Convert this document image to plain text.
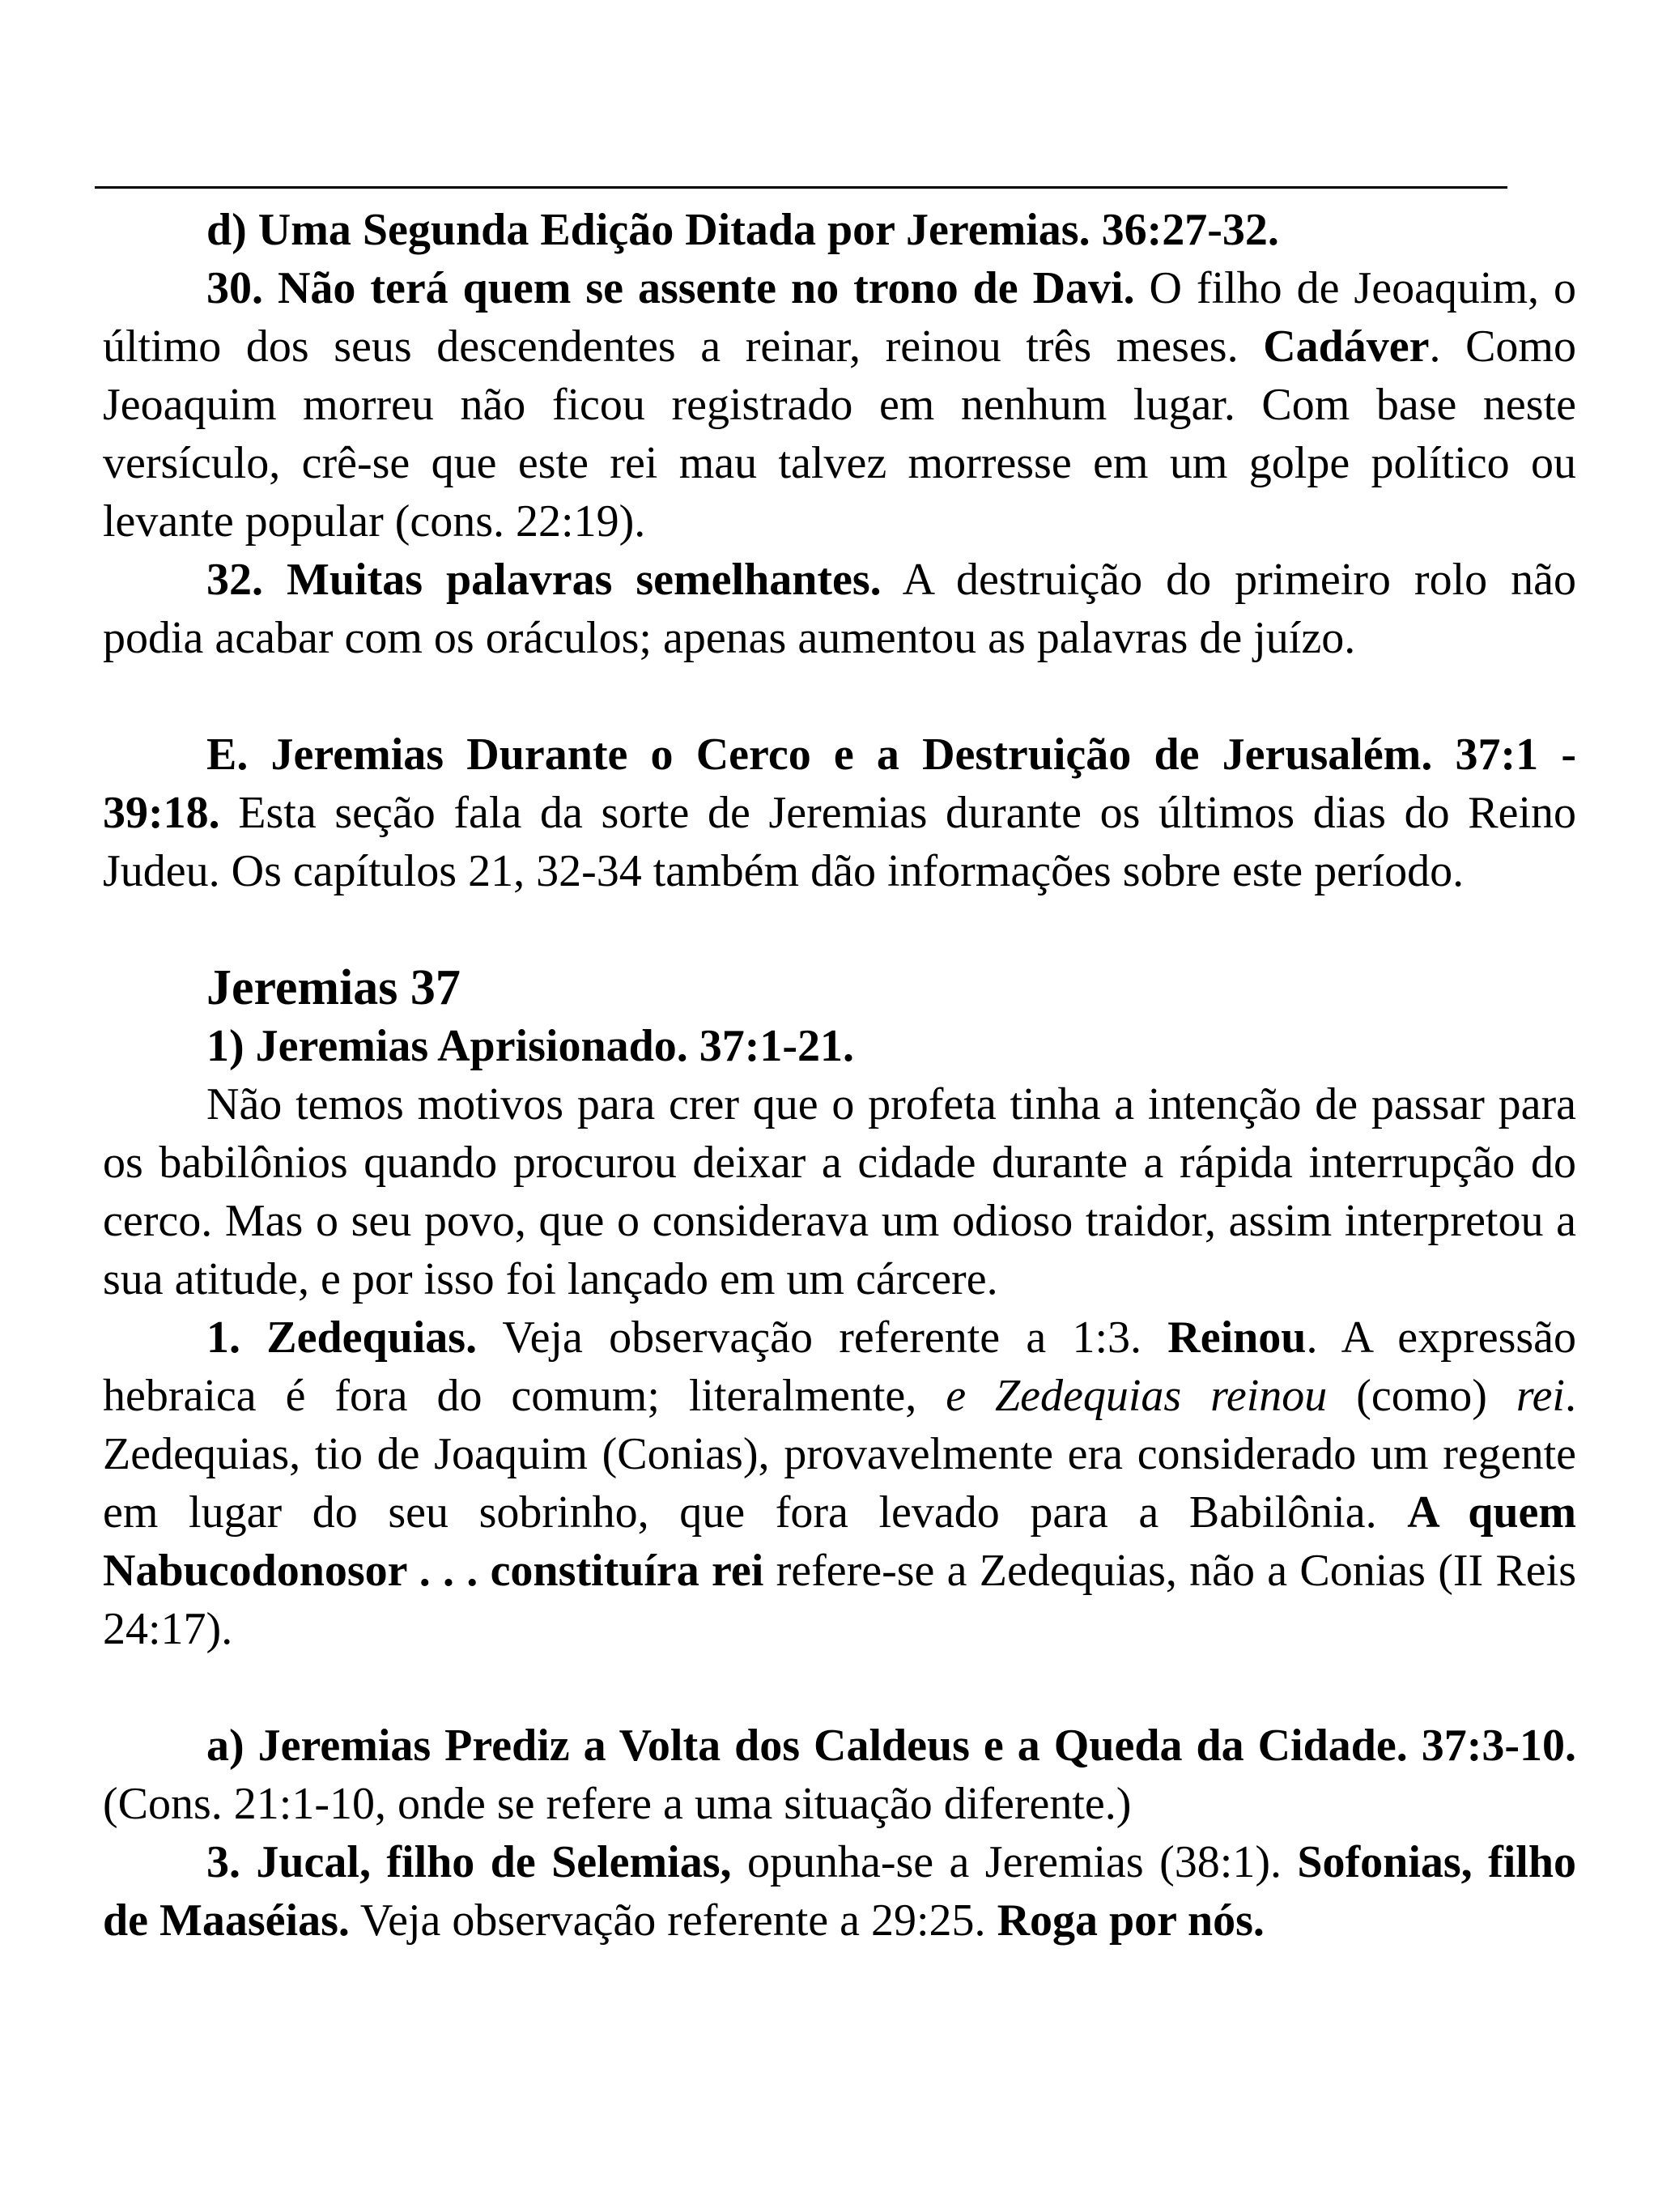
d) Uma Segunda Edição Ditada por Jeremias. 36:27-32.

30. Não terá quem se assente no trono de Davi. O filho de Jeoaquim, o último dos seus descendentes a reinar, reinou três meses. Cadáver. Como Jeoaquim morreu não ficou registrado em nenhum lugar. Com base neste versículo, crê-se que este rei mau talvez morresse em um golpe político ou levante popular (cons. 22:19).

32. Muitas palavras semelhantes. A destruição do primeiro rolo não podia acabar com os oráculos; apenas aumentou as palavras de juízo.

E. Jeremias Durante o Cerco e a Destruição de Jerusalém. 37:1 - 39:18. Esta seção fala da sorte de Jeremias durante os últimos dias do Reino Judeu. Os capítulos 21, 32-34 também dão informações sobre este período.

Jeremias 37

1) Jeremias Aprisionado. 37:1-21.

Não temos motivos para crer que o profeta tinha a intenção de passar para os babilônios quando procurou deixar a cidade durante a rápida interrupção do cerco. Mas o seu povo, que o considerava um odioso traidor, assim interpretou a sua atitude, e por isso foi lançado em um cárcere.

1. Zedequias. Veja observação referente a 1:3. Reinou. A expressão hebraica é fora do comum; literalmente, e Zedequias reinou (como) rei. Zedequias, tio de Joaquim (Conias), provavelmente era considerado um regente em lugar do seu sobrinho, que fora levado para a Babilônia. A quem Nabucodonosor . . . constituíra rei refere-se a Zedequias, não a Conias (II Reis 24:17).

a) Jeremias Prediz a Volta dos Caldeus e a Queda da Cidade. 37:3-10. (Cons. 21:1-10, onde se refere a uma situação diferente.)

3. Jucal, filho de Selemias, opunha-se a Jeremias (38:1). Sofonias, filho de Maaséias. Veja observação referente a 29:25. Roga por nós.
